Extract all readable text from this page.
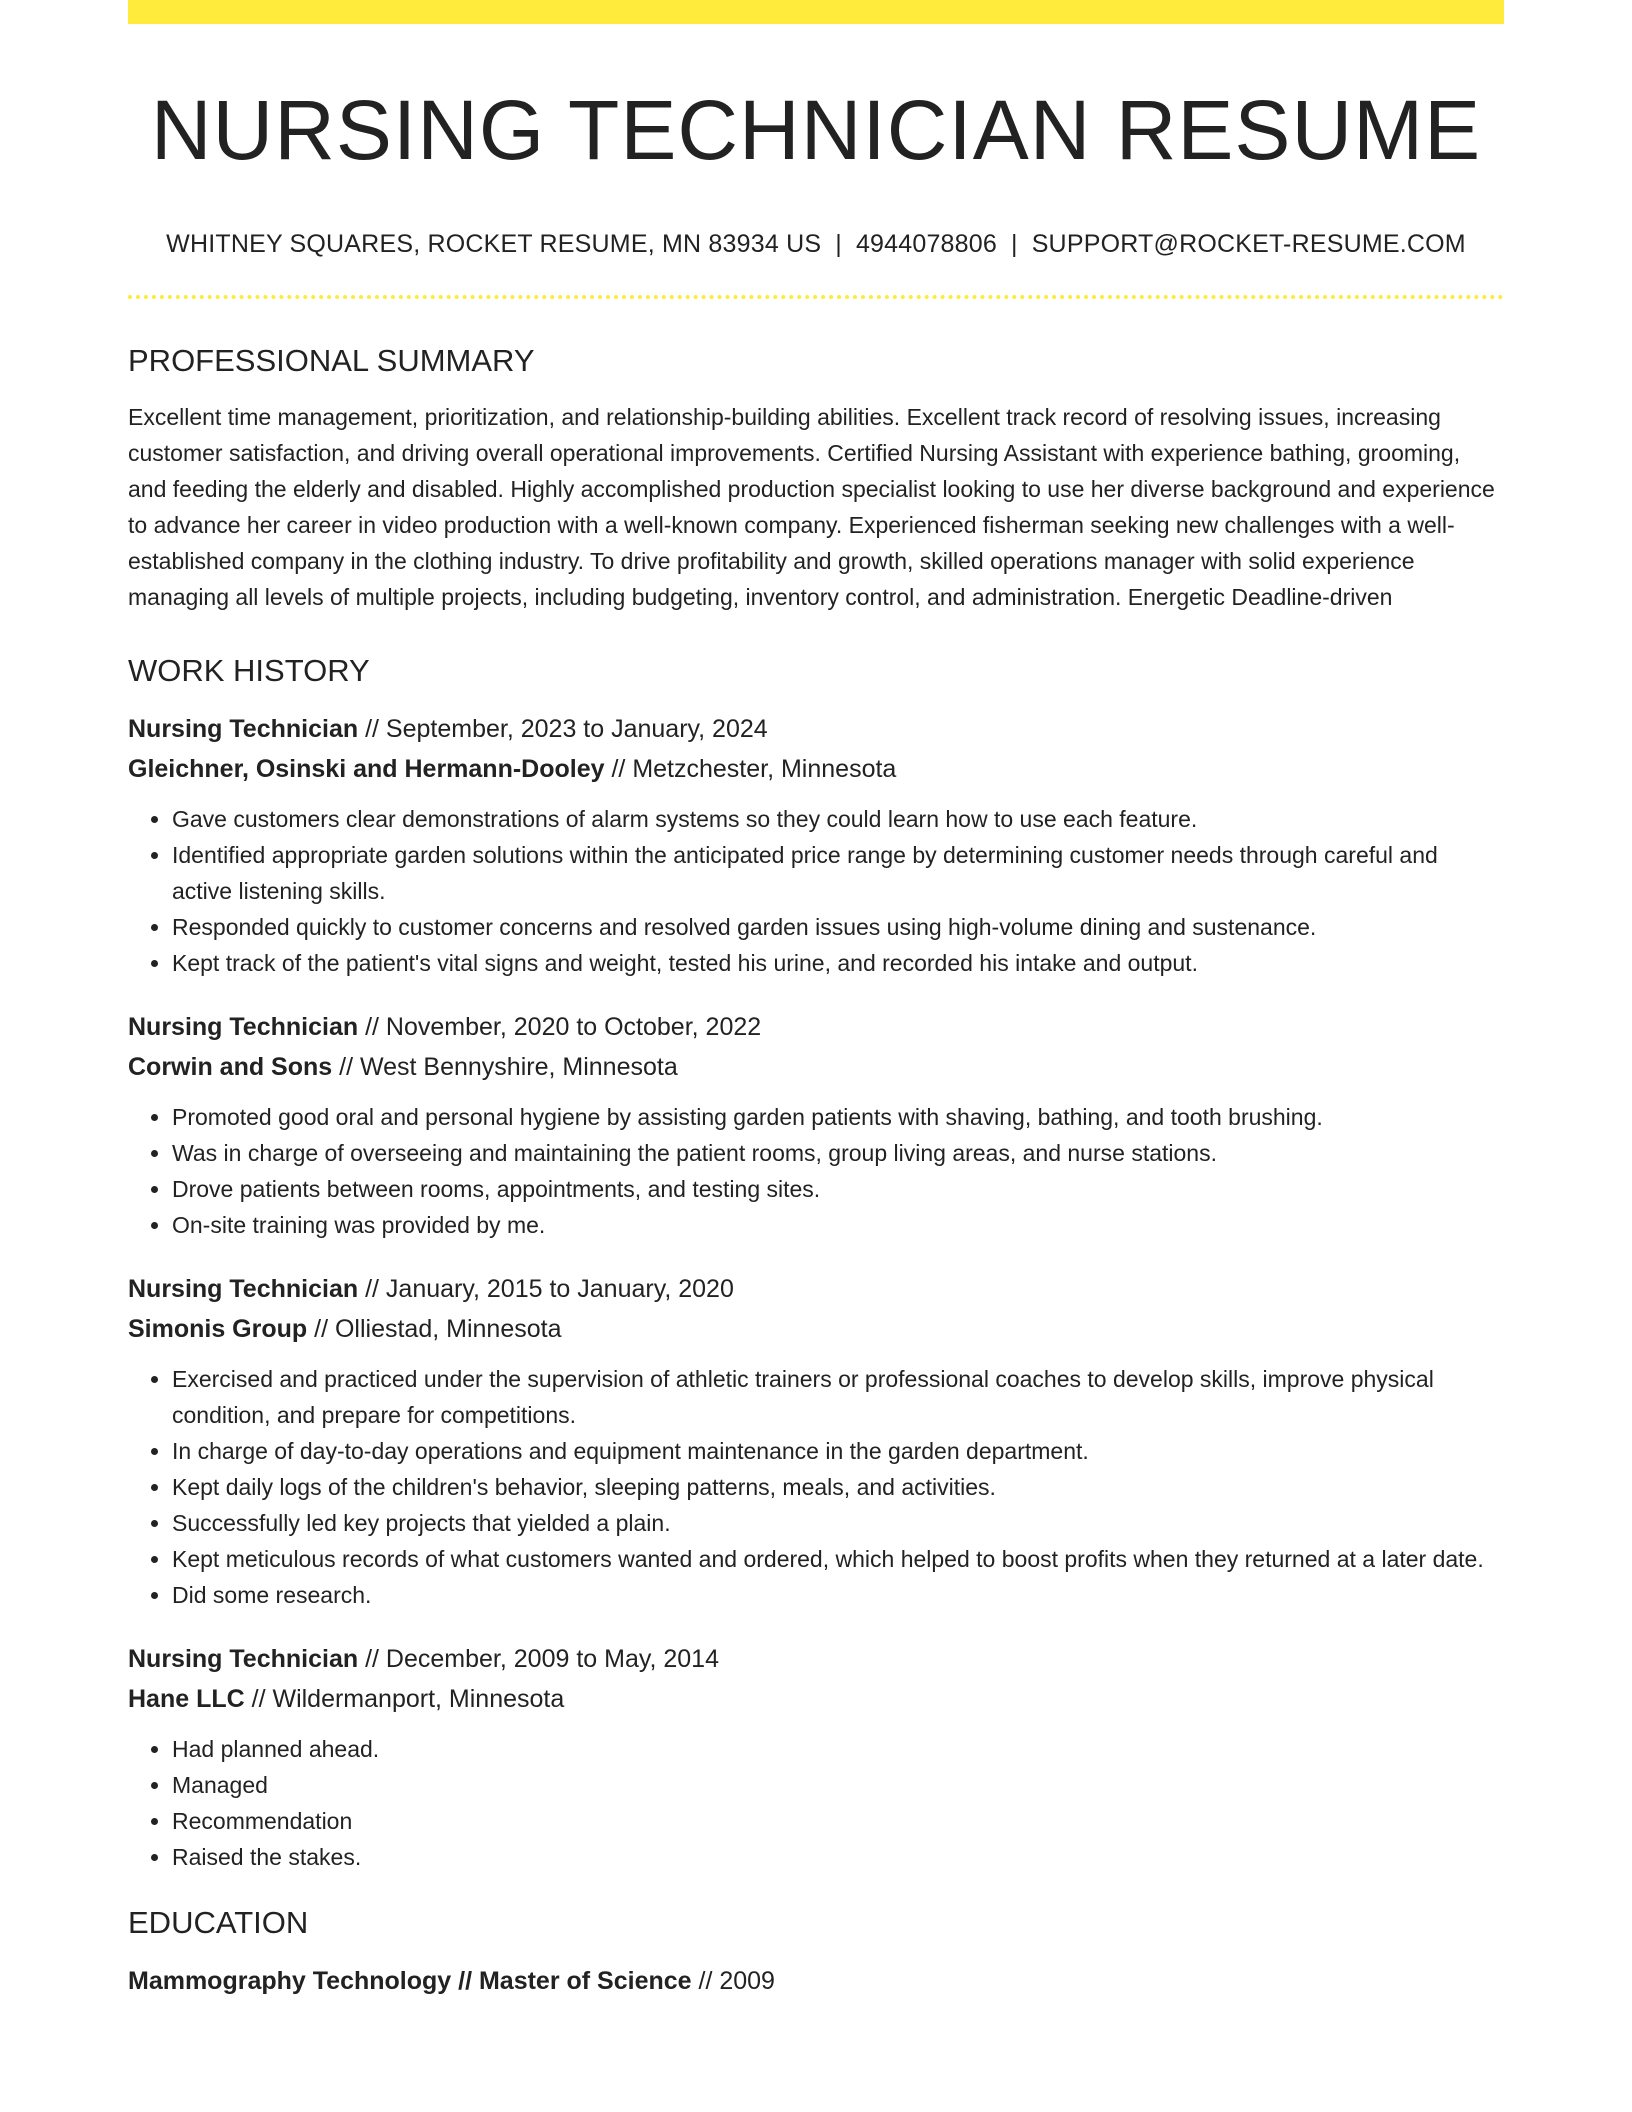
NURSING TECHNICIAN RESUME
WHITNEY SQUARES, ROCKET RESUME, MN 83934 US | 4944078806 | SUPPORT@ROCKET-RESUME.COM
PROFESSIONAL SUMMARY

Excellent time management, prioritization, and relationship-building abilities. Excellent track record of resolving issues, increasing customer satisfaction, and driving overall operational improvements. Certified Nursing Assistant with experience bathing, grooming, and feeding the elderly and disabled. Highly accomplished production specialist looking to use her diverse background and experience to advance her career in video production with a well-known company. Experienced fisherman seeking new challenges with a well-established company in the clothing industry. To drive profitability and growth, skilled operations manager with solid experience managing all levels of multiple projects, including budgeting, inventory control, and administration. Energetic Deadline-driven

WORK HISTORY
Nursing Technician // September, 2023 to January, 2024
Gleichner, Osinski and Hermann-Dooley // Metzchester, Minnesota
• Gave customers clear demonstrations of alarm systems so they could learn how to use each feature.
• Identified appropriate garden solutions within the anticipated price range by determining customer needs through careful and active listening skills.
• Responded quickly to customer concerns and resolved garden issues using high-volume dining and sustenance.
• Kept track of the patient's vital signs and weight, tested his urine, and recorded his intake and output.
Nursing Technician // November, 2020 to October, 2022
Corwin and Sons // West Bennyshire, Minnesota
• Promoted good oral and personal hygiene by assisting garden patients with shaving, bathing, and tooth brushing.
• Was in charge of overseeing and maintaining the patient rooms, group living areas, and nurse stations.
• Drove patients between rooms, appointments, and testing sites.
• On-site training was provided by me.
Nursing Technician // January, 2015 to January, 2020
Simonis Group // Olliestad, Minnesota
• Exercised and practiced under the supervision of athletic trainers or professional coaches to develop skills, improve physical condition, and prepare for competitions.
• In charge of day-to-day operations and equipment maintenance in the garden department.
• Kept daily logs of the children's behavior, sleeping patterns, meals, and activities.
• Successfully led key projects that yielded a plain.
• Kept meticulous records of what customers wanted and ordered, which helped to boost profits when they returned at a later date.
• Did some research.
Nursing Technician // December, 2009 to May, 2014
Hane LLC // Wildermanport, Minnesota
• Had planned ahead.
• Managed
• Recommendation
• Raised the stakes.
EDUCATION
Mammography Technology // Master of Science // 2009
